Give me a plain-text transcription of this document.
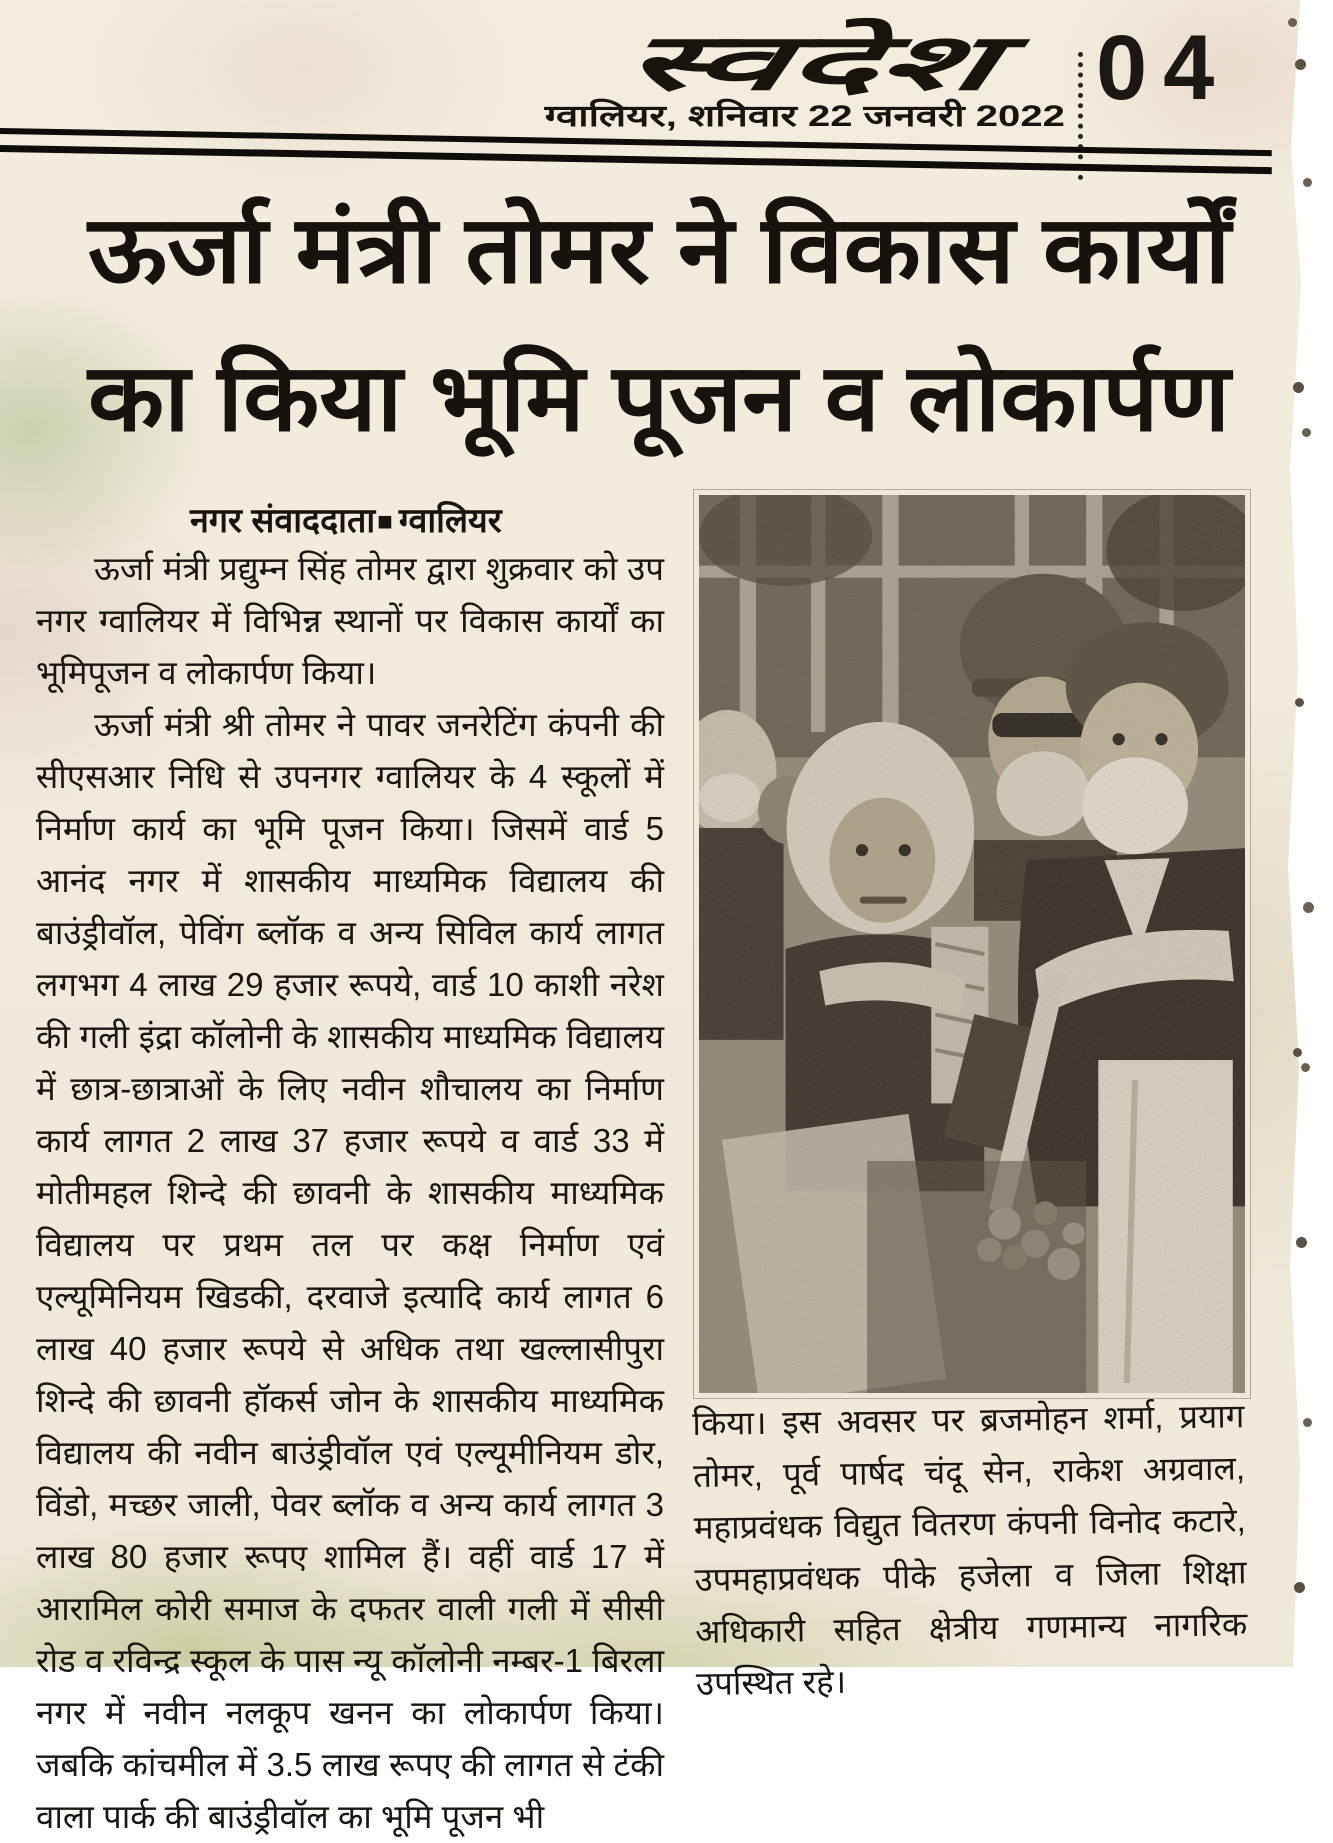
स्वदेश
ग्वालियर, शनिवार 22 जनवरी 2022 04
ऊर्जा मंत्री तोमर ने विकास कार्यों
का किया भूमि पूजन व लोकार्पण
नगर संवाददाता■ ग्वालियर

ऊर्जा मंत्री प्रद्युम्न सिंह तोमर द्वारा शुक्रवार को उप नगर ग्वालियर में विभिन्न स्थानों पर विकास कार्यों का भूमिपूजन व लोकार्पण किया।

ऊर्जा मंत्री श्री तोमर ने पावर जनरेटिंग कंपनी की सीएसआर निधि से उपनगर ग्वालियर के 4 स्कूलों में निर्माण कार्य का भूमि पूजन किया। जिसमें वार्ड 5 आनंद नगर में शासकीय माध्यमिक विद्यालय की बाउंड्रीवॉल, पेविंग ब्लॉक व अन्य सिविल कार्य लागत लगभग 4 लाख 29 हजार रूपये, वार्ड 10 काशी नरेश की गली इंद्रा कॉलोनी के शासकीय माध्यमिक विद्यालय में छात्र-छात्राओं के लिए नवीन शौचालय का निर्माण कार्य लागत 2 लाख 37 हजार रूपये व वार्ड 33 में मोतीमहल शिन्दे की छावनी के शासकीय माध्यमिक विद्यालय पर प्रथम तल पर कक्ष निर्माण एवं एल्यूमिनियम खिडकी, दरवाजे इत्यादि कार्य लागत 6 लाख 40 हजार रूपये से अधिक तथा खल्लासीपुरा शिन्दे की छावनी हॉकर्स जोन के शासकीय माध्यमिक विद्यालय की नवीन बाउंड्रीवॉल एवं एल्यूमीनियम डोर, विंडो, मच्छर जाली, पेवर ब्लॉक व अन्य कार्य लागत 3 लाख 80 हजार रूपए शामिल हैं। वहीं वार्ड 17 में आरामिल कोरी समाज के दफतर वाली गली में सीसी रोड व रविन्द्र स्कूल के पास न्यू कॉलोनी नम्बर-1 बिरला नगर में नवीन नलकूप खनन का लोकार्पण किया। जबकि कांचमील में 3.5 लाख रूपए की लागत से टंकी वाला पार्क की बाउंड्रीवॉल का भूमि पूजन भी

किया। इस अवसर पर ब्रजमोहन शर्मा, प्रयाग तोमर, पूर्व पार्षद चंदू सेन, राकेश अग्रवाल, महाप्रवंधक विद्युत वितरण कंपनी विनोद कटारे, उपमहाप्रवंधक पीके हजेला व जिला शिक्षा अधिकारी सहित क्षेत्रीय गणमान्य नागरिक उपस्थित रहे।
